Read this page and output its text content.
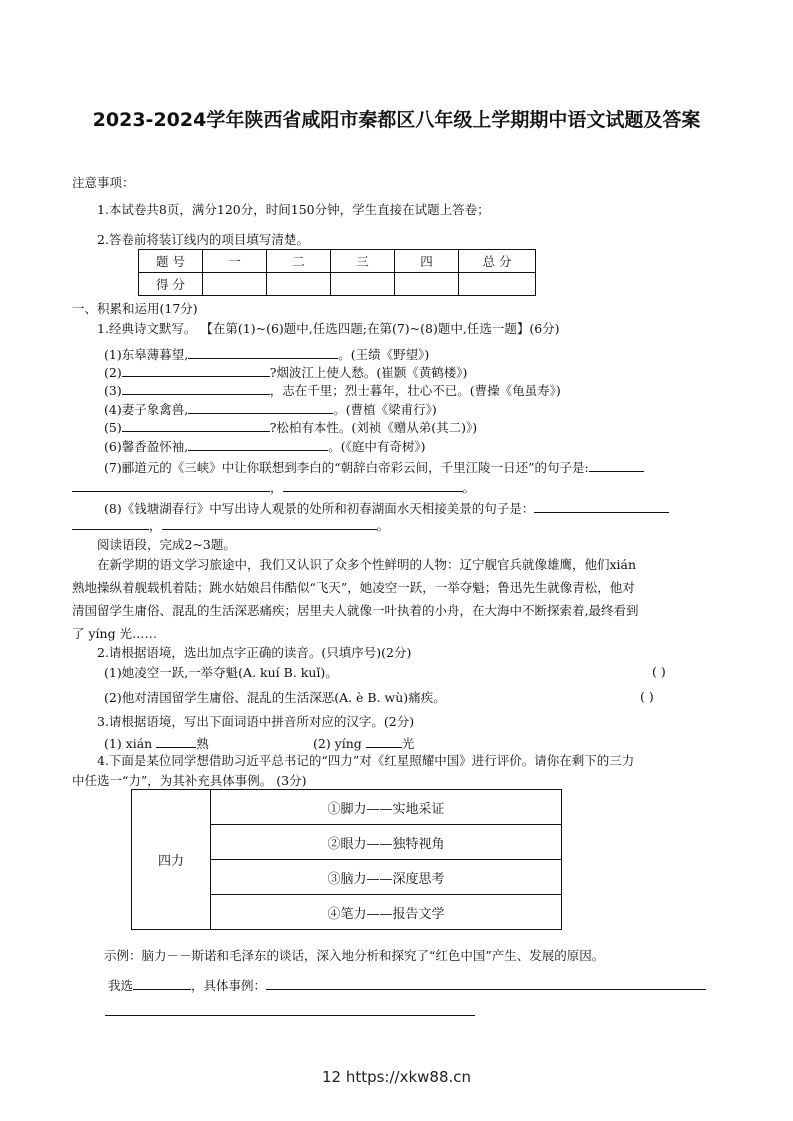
2023-2024学年陕西省咸阳市秦都区八年级上学期期中语文试题及答案
注意事项：
1.本试卷共8页，满分120分，时间150分钟，学生直接在试题上答卷；
2.答卷前将装订线内的项目填写清楚。
题 号	一	二	三	四	总 分
得 分					
一、积累和运用(17分)
1.经典诗文默写。 【在第(1)~(6)题中,任选四题;在第(7)~(8)题中,任选一题】(6分)
(1)东皋薄暮望,	。(王绩《野望》)
(2)	?烟波江上使人愁。(崔颢《黄鹤楼》)
(3)	，志在千里；烈士暮年，壮心不已。(曹操《龟虽寿》)
(4)妻子象禽兽,	。(曹植《梁甫行》)
(5)	?松柏有本性。(刘祯《赠从弟(其二)》)
(6)馨香盈怀袖,	。(《庭中有奇树》)
(7)郦道元的《三峡》中让你联想到李白的“朝辞白帝彩云间，千里江陵一日还”的句子是:
，	。
(8)《钱塘湖春行》中写出诗人观景的处所和初春湖面水天相接美景的句子是：
，	。
阅读语段，完成2~3题。
在新学期的语文学习旅途中，我们又认识了众多个性鲜明的人物：辽宁舰官兵就像雄鹰，他们xián
熟地操纵着舰载机着陆；跳水姑娘吕伟酷似“飞天”，她凌空一跃，一举夺魁；鲁迅先生就像青松，他对
清国留学生庸俗、混乱的生活深恶痛疾；居里夫人就像一叶执着的小舟，在大海中不断探索着,最终看到
了 yíng 光……
2.请根据语境，选出加点字正确的读音。(只填序号)(2分)
(1)她凌空一跃,一举夺魁(A. kuí B. kuǐ)。	( )
(2)他对清国留学生庸俗、混乱的生活深恶(A. è B. wù)痛疾。	( )
3.请根据语境，写出下面词语中拼音所对应的汉字。(2分)
(1) xián	熟	(2) yíng	光
4.下面是某位同学想借助习近平总书记的“四力”对《红星照耀中国》进行评价。请你在剩下的三力
中任选一“力”，为其补充具体事例。 (3分)
四力	①脚力——实地采证
②眼力——独特视角
③脑力——深度思考
④笔力——报告文学
示例：脑力－－斯诺和毛泽东的谈话，深入地分析和探究了“红色中国”产生、发展的原因。
我选	，具体事例：
12 https://xkw88.cn
